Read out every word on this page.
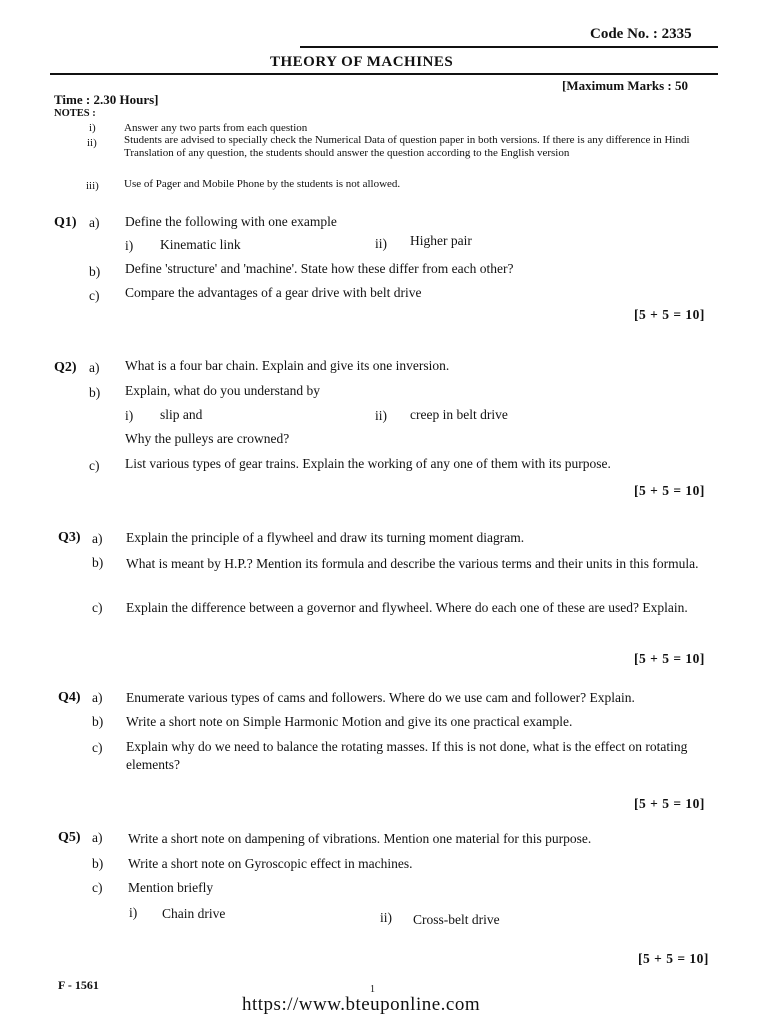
Code No. : 2335
THEORY OF MACHINES
[Maximum Marks : 50
Time : 2.30 Hours]
NOTES :
i)	Answer any two parts from each question
ii) Students are advised to specially check the Numerical Data of question paper in both versions. If there is any difference in Hindi Translation of any question, the students should answer the question according to the English version
iii) Use of Pager and Mobile Phone by the students is not allowed.
Q1) a) Define the following with one example
i) Kinematic link	ii) Higher pair
b) Define 'structure' and 'machine'. State how these differ from each other?
c) Compare the advantages of a gear drive with belt drive
[5 + 5 = 10]
Q2) a) What is a four bar chain. Explain and give its one inversion.
b) Explain, what do you understand by
i) slip and	ii) creep in belt drive
Why the pulleys are crowned?
c) List various types of gear trains. Explain the working of any one of them with its purpose.
[5 + 5 = 10]
Q3) a) Explain the principle of a flywheel and draw its turning moment diagram.
b) What is meant by H.P.? Mention its formula and describe the various terms and their units in this formula.
c) Explain the difference between a governor and flywheel. Where do each one of these are used? Explain.
[5 + 5 = 10]
Q4) a) Enumerate various types of cams and followers. Where do we use cam and follower? Explain.
b) Write a short note on Simple Harmonic Motion and give its one practical example.
c) Explain why do we need to balance the rotating masses. If this is not done, what is the effect on rotating elements?
[5 + 5 = 10]
Q5) a) Write a short note on dampening of vibrations. Mention one material for this purpose.
b) Write a short note on Gyroscopic effect in machines.
c) Mention briefly
i) Chain drive	ii) Cross-belt drive
[5 + 5 = 10]
F - 1561	1
https://www.bteuponline.com
